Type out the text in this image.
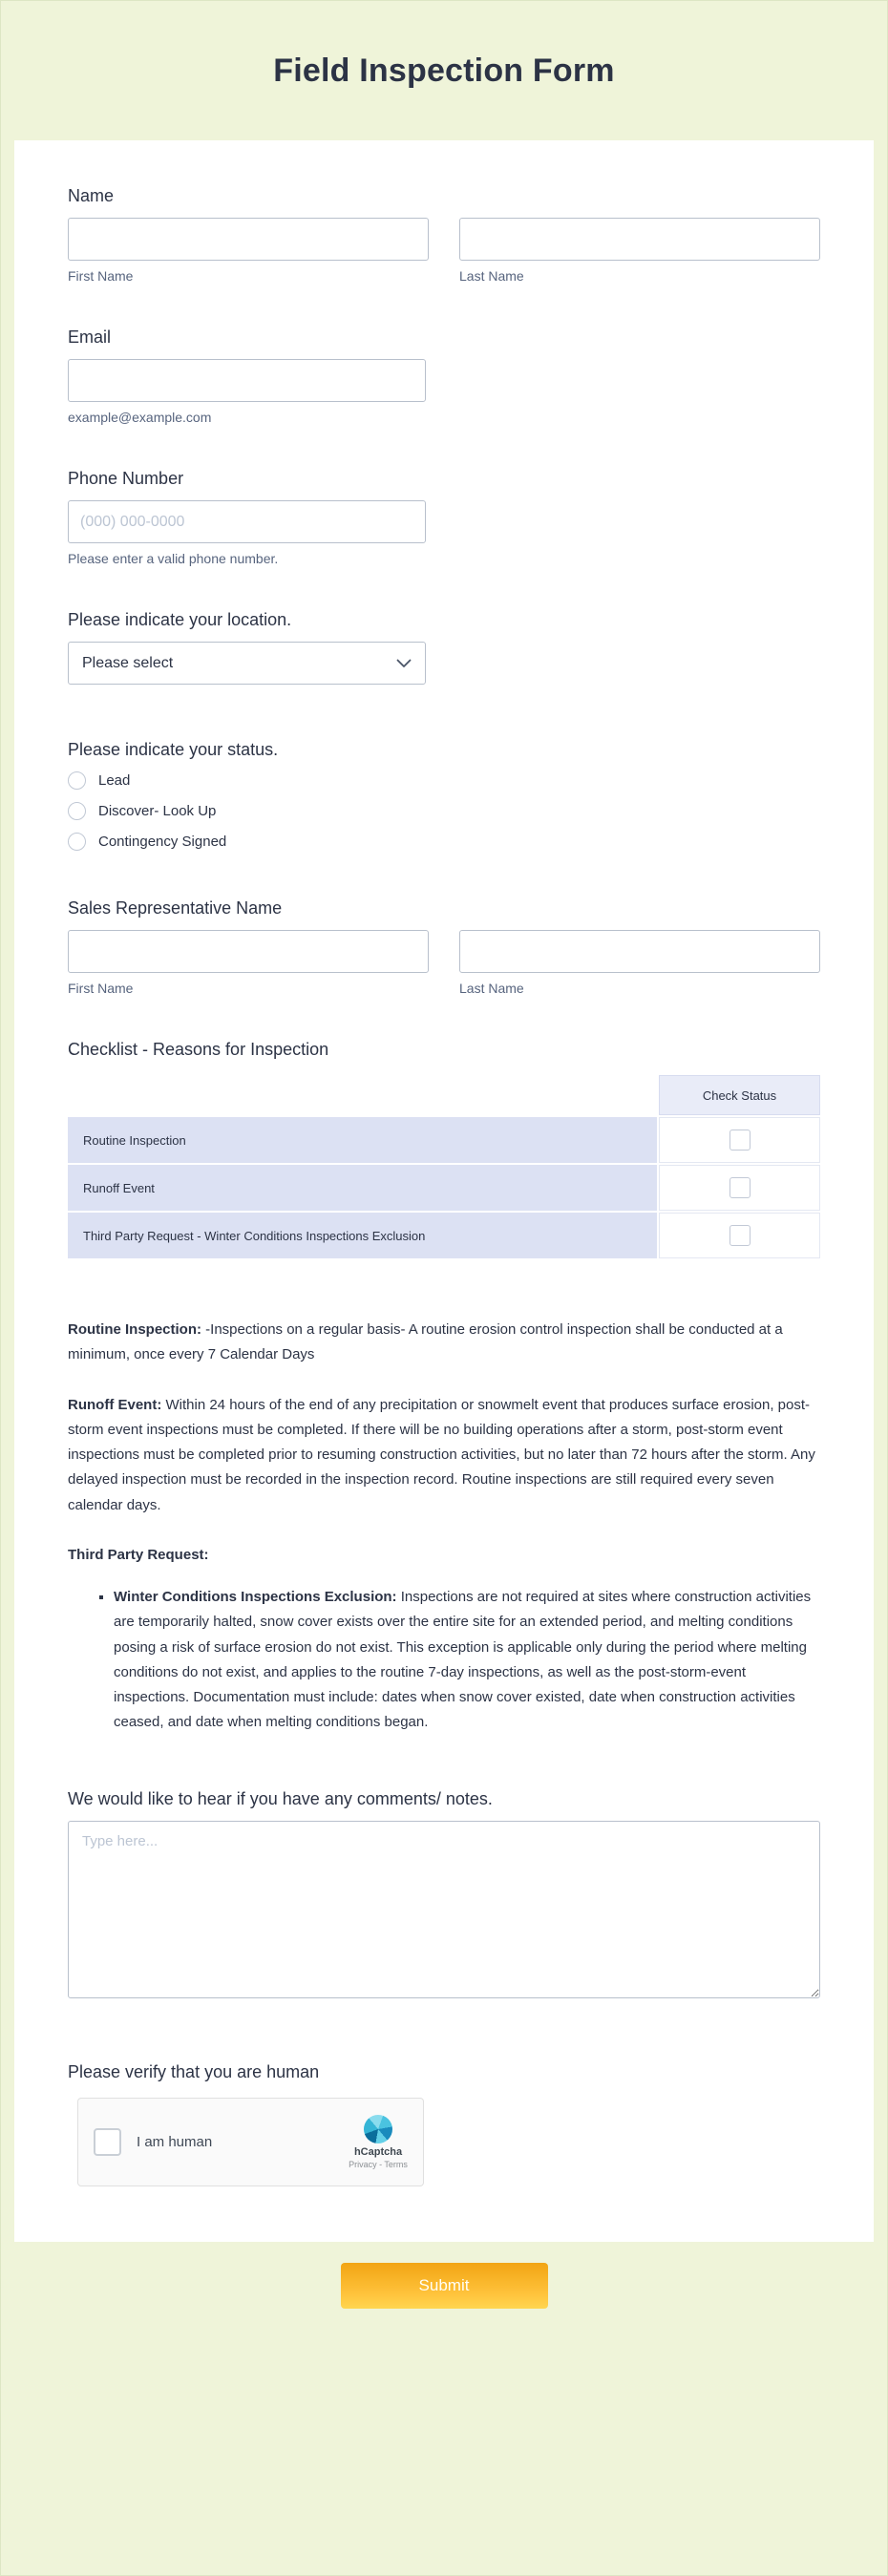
Field Inspection Form
Name
First Name	Last Name
Email
example@example.com
Phone Number
(000) 000-0000
Please enter a valid phone number.
Please indicate your location.
Please select
Please indicate your status.
Lead
Discover- Look Up
Contingency Signed
Sales Representative Name
First Name	Last Name
Checklist - Reasons for Inspection
Check Status
Routine Inspection
Runoff Event
Third Party Request - Winter Conditions Inspections Exclusion

Routine Inspection: -Inspections on a regular basis- A routine erosion control inspection shall be conducted at a minimum, once every 7 Calendar Days

Runoff Event: Within 24 hours of the end of any precipitation or snowmelt event that produces surface erosion, post-storm event inspections must be completed. If there will be no building operations after a storm, post-storm event inspections must be completed prior to resuming construction activities, but no later than 72 hours after the storm. Any delayed inspection must be recorded in the inspection record. Routine inspections are still required every seven calendar days.

Third Party Request:

▪ Winter Conditions Inspections Exclusion: Inspections are not required at sites where construction activities are temporarily halted, snow cover exists over the entire site for an extended period, and melting conditions posing a risk of surface erosion do not exist. This exception is applicable only during the period where melting conditions do not exist, and applies to the routine 7-day inspections, as well as the post-storm-event inspections. Documentation must include: dates when snow cover existed, date when construction activities ceased, and date when melting conditions began.
We would like to hear if you have any comments/ notes.
Type here...
Please verify that you are human
I am human
hCaptcha
Privacy - Terms
Submit
